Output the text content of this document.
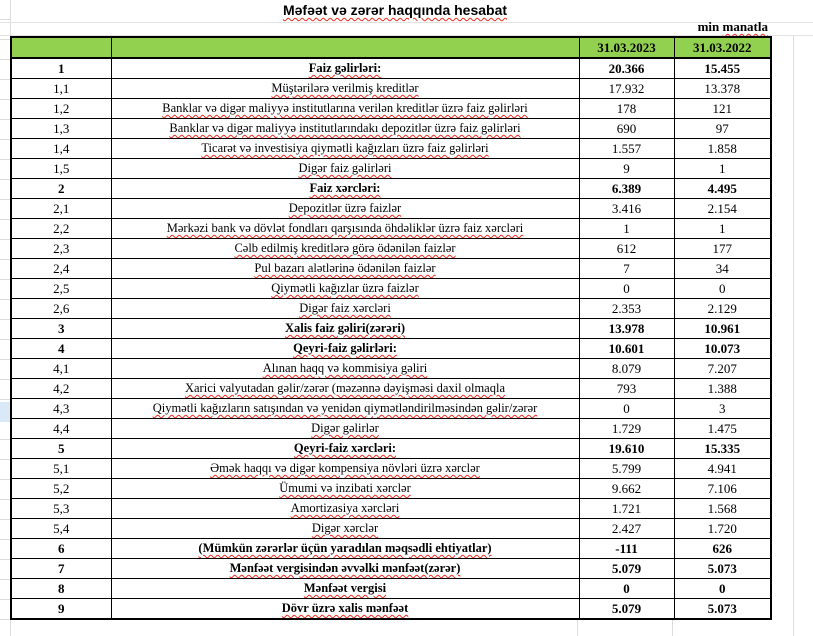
Məfəət və zərər haqqında hesabat
min manatla
		31.03.2023	31.03.2022
1	Faiz gəlirləri:	20.366	15.455
1,1	Müştərilərə verilmiş kreditlər	17.932	13.378
1,2	Banklar və digər maliyyə institutlarına verilən kreditlər üzrə faiz gəlirləri	178	121
1,3	Banklar və digər maliyyə institutlarındakı depozitlər üzrə faiz gəlirləri	690	97
1,4	Ticarət və investisiya qiymətli kağızları üzrə faiz gəlirləri	1.557	1.858
1,5	Digər faiz gəlirləri	9	1
2	Faiz xərcləri:	6.389	4.495
2,1	Depozitlər üzrə faizlər	3.416	2.154
2,2	Mərkəzi bank və dövlət fondları qarşısında öhdəliklər üzrə faiz xərcləri	1	1
2,3	Cəlb edilmiş kreditlərə görə ödənilən faizlər	612	177
2,4	Pul bazarı alətlərinə ödənilən faizlər	7	34
2,5	Qiymətli kağızlar üzrə faizlər	0	0
2,6	Digər faiz xərcləri	2.353	2.129
3	Xalis faiz gəliri(zərəri)	13.978	10.961
4	Qeyri-faiz gəlirləri:	10.601	10.073
4,1	Alınan haqq və kommisiya gəliri	8.079	7.207
4,2	Xarici valyutadan gəlir/zərər (məzənnə dəyişməsi daxil olmaqla	793	1.388
4,3	Qiymətli kağızların satışından və yenidən qiymətləndirilməsindən gəlir/zərər	0	3
4,4	Digər gəlirlər	1.729	1.475
5	Qeyri-faiz xərcləri:	19.610	15.335
5,1	Əmək haqqı və digər kompensiya növləri üzrə xərclər	5.799	4.941
5,2	Ümumi və inzibati xərclər	9.662	7.106
5,3	Amortizasiya xərcləri	1.721	1.568
5,4	Digər xərclər	2.427	1.720
6	(Mümkün zərərlər üçün yaradılan məqsədli ehtiyatlar)	-111	626
7	Mənfəət vergisindən əvvəlki mənfəət(zərər)	5.079	5.073
8	Mənfəət vergisi	0	0
9	Dövr üzrə xalis mənfəət	5.079	5.073
